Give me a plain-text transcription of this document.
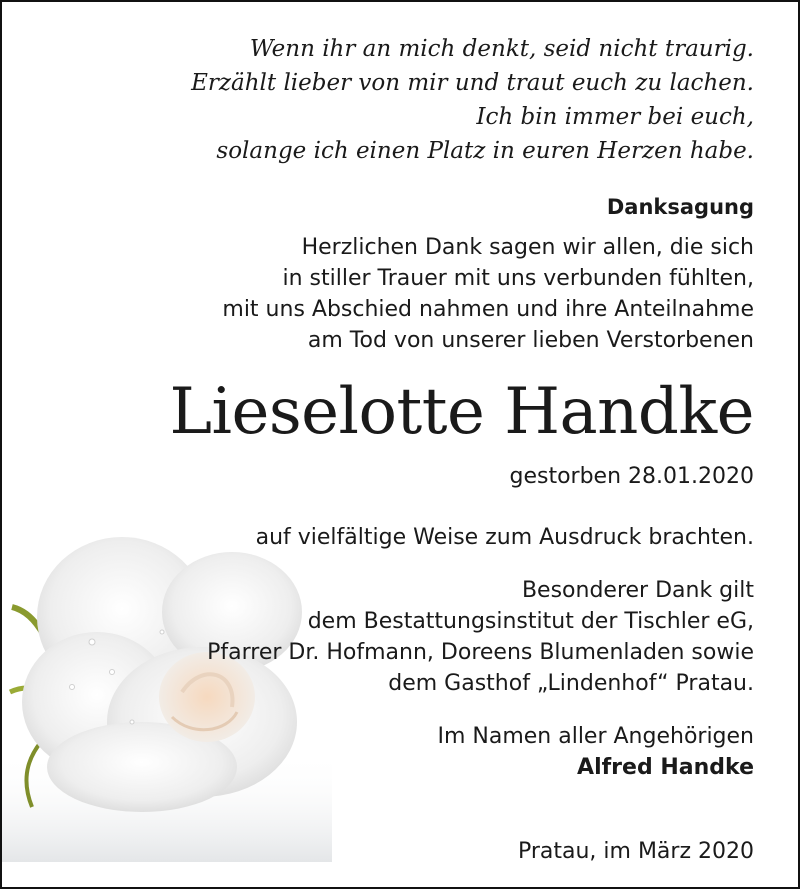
Wenn ihr an mich denkt, seid nicht traurig.
Erzählt lieber von mir und traut euch zu lachen.
Ich bin immer bei euch,
solange ich einen Platz in euren Herzen habe.
Danksagung
Herzlichen Dank sagen wir allen, die sich
in stiller Trauer mit uns verbunden fühlten,
mit uns Abschied nahmen und ihre Anteilnahme
am Tod von unserer lieben Verstorbenen
Lieselotte Handke
gestorben 28.01.2020
auf vielfältige Weise zum Ausdruck brachten.
Besonderer Dank gilt
dem Bestattungsinstitut der Tischler eG,
Pfarrer Dr. Hofmann, Doreens Blumenladen sowie
dem Gasthof „Lindenhof“ Pratau.
Im Namen aller Angehörigen
Alfred Handke
Pratau, im März 2020
